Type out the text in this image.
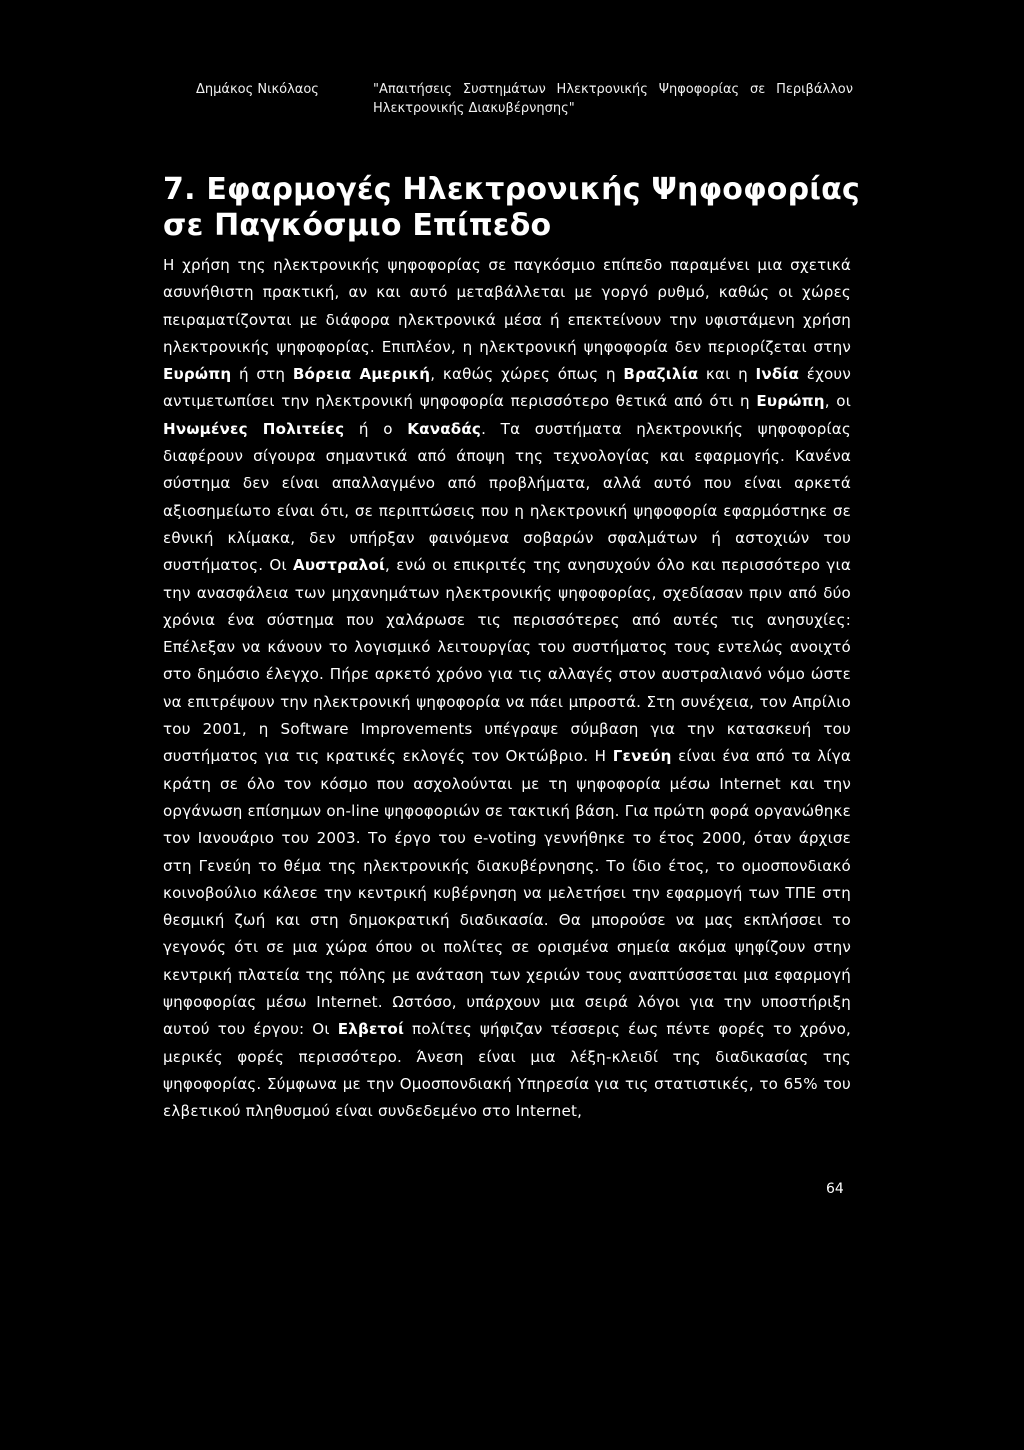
Δημάκος Νικόλαος	"Απαιτήσεις Συστημάτων Ηλεκτρονικής Ψηφοφορίας σε Περιβάλλον Ηλεκτρονικής Διακυβέρνησης"
7. Εφαρμογές Ηλεκτρονικής Ψηφοφορίας σε Παγκόσμιο Επίπεδο

Η χρήση της ηλεκτρονικής ψηφοφορίας σε παγκόσμιο επίπεδο παραμένει μια σχετικά ασυνήθιστη πρακτική, αν και αυτό μεταβάλλεται με γοργό ρυθμό, καθώς οι χώρες πειραματίζονται με διάφορα ηλεκτρονικά μέσα ή επεκτείνουν την υφιστάμενη χρήση ηλεκτρονικής ψηφοφορίας. Επιπλέον, η ηλεκτρονική ψηφοφορία δεν περιορίζεται στην Ευρώπη ή στη Βόρεια Αμερική, καθώς χώρες όπως η Βραζιλία και η Ινδία έχουν αντιμετωπίσει την ηλεκτρονική ψηφοφορία περισσότερο θετικά από ότι η Ευρώπη, οι Ηνωμένες Πολιτείες ή ο Καναδάς. Τα συστήματα ηλεκτρονικής ψηφοφορίας διαφέρουν σίγουρα σημαντικά από άποψη της τεχνολογίας και εφαρμογής. Κανένα σύστημα δεν είναι απαλλαγμένο από προβλήματα, αλλά αυτό που είναι αρκετά αξιοσημείωτο είναι ότι, σε περιπτώσεις που η ηλεκτρονική ψηφοφορία εφαρμόστηκε σε εθνική κλίμακα, δεν υπήρξαν φαινόμενα σοβαρών σφαλμάτων ή αστοχιών του συστήματος. Οι Αυστραλοί, ενώ οι επικριτές της ανησυχούν όλο και περισσότερο για την ανασφάλεια των μηχανημάτων ηλεκτρονικής ψηφοφορίας, σχεδίασαν πριν από δύο χρόνια ένα σύστημα που χαλάρωσε τις περισσότερες από αυτές τις ανησυχίες: Επέλεξαν να κάνουν το λογισμικό λειτουργίας του συστήματος τους εντελώς ανοιχτό στο δημόσιο έλεγχο. Πήρε αρκετό χρόνο για τις αλλαγές στον αυστραλιανό νόμο ώστε να επιτρέψουν την ηλεκτρονική ψηφοφορία να πάει μπροστά. Στη συνέχεια, τον Απρίλιο του 2001, η Software Improvements υπέγραψε σύμβαση για την κατασκευή του συστήματος για τις κρατικές εκλογές τον Οκτώβριο. Η Γενεύη είναι ένα από τα λίγα κράτη σε όλο τον κόσμο που ασχολούνται με τη ψηφοφορία μέσω Internet και την οργάνωση επίσημων on-line ψηφοφοριών σε τακτική βάση. Για πρώτη φορά οργανώθηκε τον Ιανουάριο του 2003. Το έργο του e-voting γεννήθηκε το έτος 2000, όταν άρχισε στη Γενεύη το θέμα της ηλεκτρονικής διακυβέρνησης. Το ίδιο έτος, το ομοσπονδιακό κοινοβούλιο κάλεσε την κεντρική κυβέρνηση να μελετήσει την εφαρμογή των ΤΠΕ στη θεσμική ζωή και στη δημοκρατική διαδικασία. Θα μπορούσε να μας εκπλήσσει το γεγονός ότι σε μια χώρα όπου οι πολίτες σε ορισμένα σημεία ακόμα ψηφίζουν στην κεντρική πλατεία της πόλης με ανάταση των χεριών τους αναπτύσσεται μια εφαρμογή ψηφοφορίας μέσω Internet. Ωστόσο, υπάρχουν μια σειρά λόγοι για την υποστήριξη αυτού του έργου: Οι Ελβετοί πολίτες ψήφιζαν τέσσερις έως πέντε φορές το χρόνο, μερικές φορές περισσότερο. Άνεση είναι μια λέξη-κλειδί της διαδικασίας της ψηφοφορίας. Σύμφωνα με την Ομοσπονδιακή Υπηρεσία για τις στατιστικές, το 65% του ελβετικού πληθυσμού είναι συνδεδεμένο στο Internet,

64
